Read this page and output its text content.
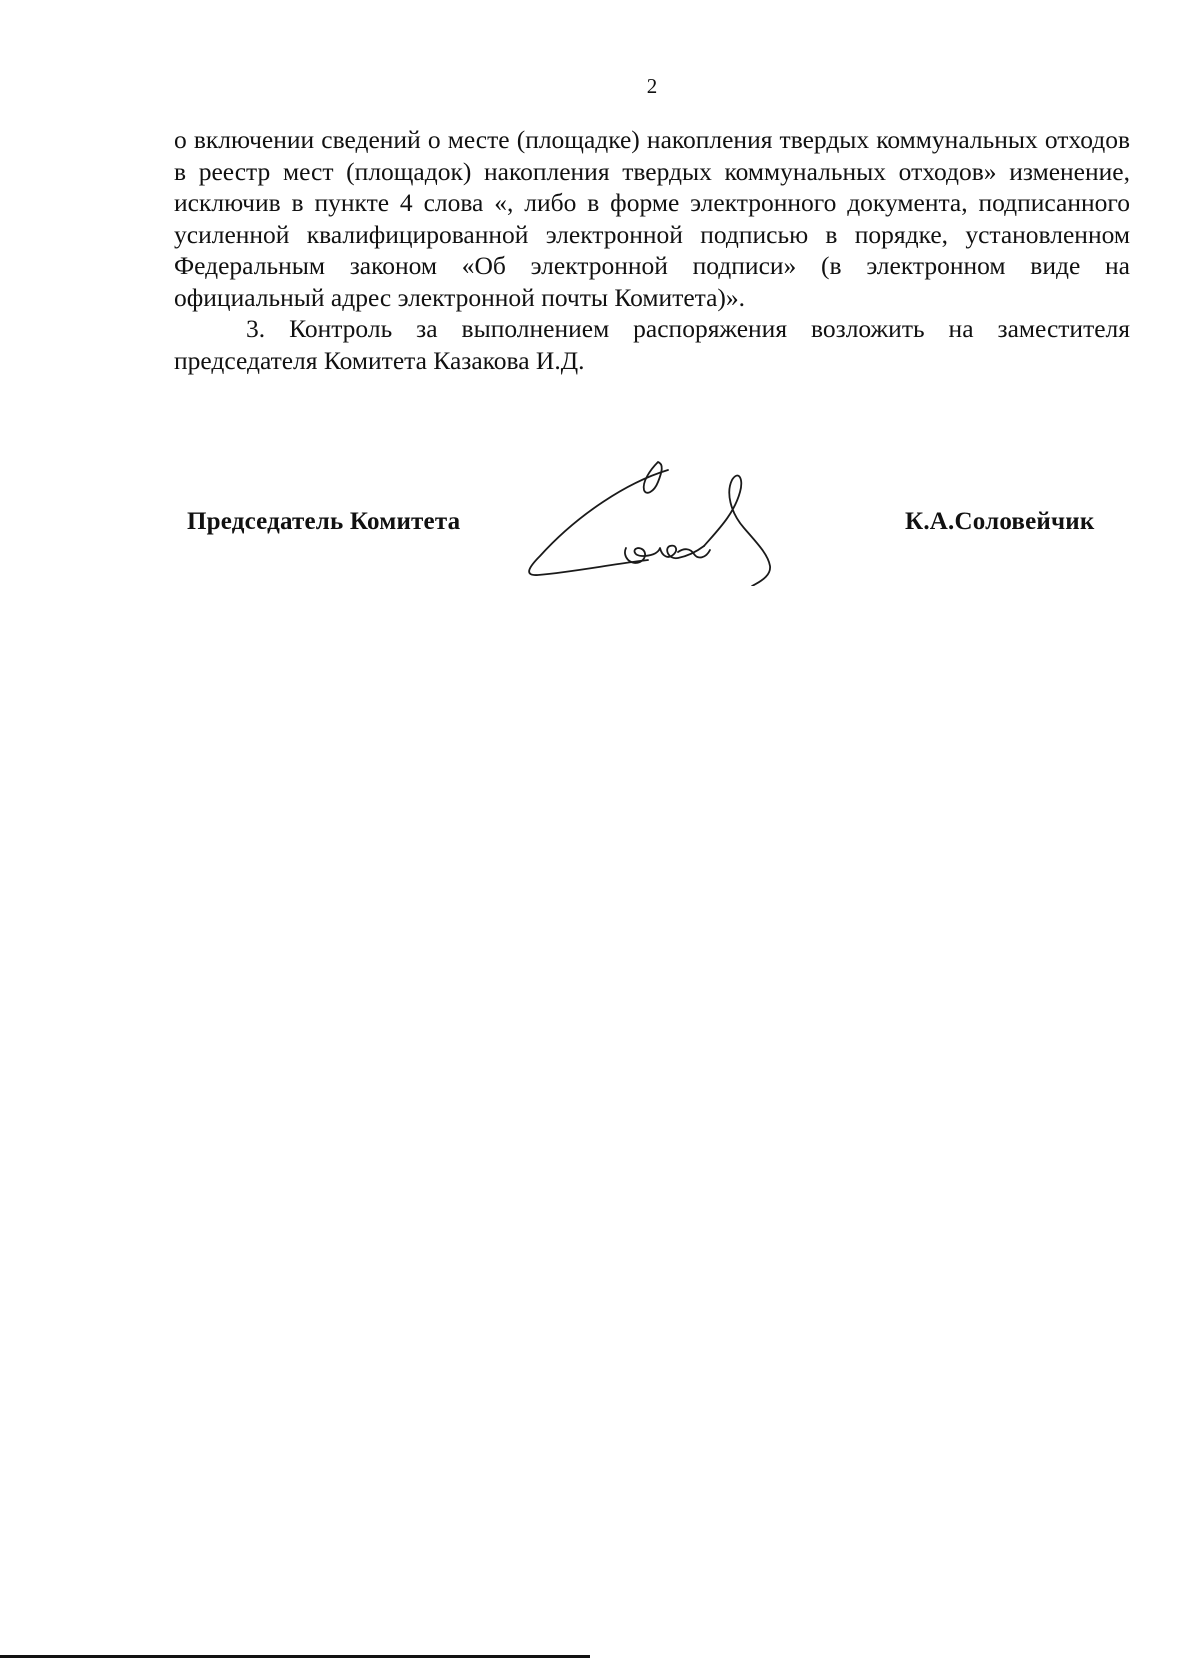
2

о включении сведений о месте (площадке) накопления твердых коммунальных отходов в реестр мест (площадок) накопления твердых коммунальных отходов» изменение, исключив в пункте 4 слова «, либо в форме электронного документа, подписанного усиленной квалифицированной электронной подписью в порядке, установленном Федеральным законом «Об электронной подписи» (в электронном виде на официальный адрес электронной почты Комитета)».

3. Контроль за выполнением распоряжения возложить на заместителя председателя Комитета Казакова И.Д.

Председатель Комитета	К.А.Соловейчик
